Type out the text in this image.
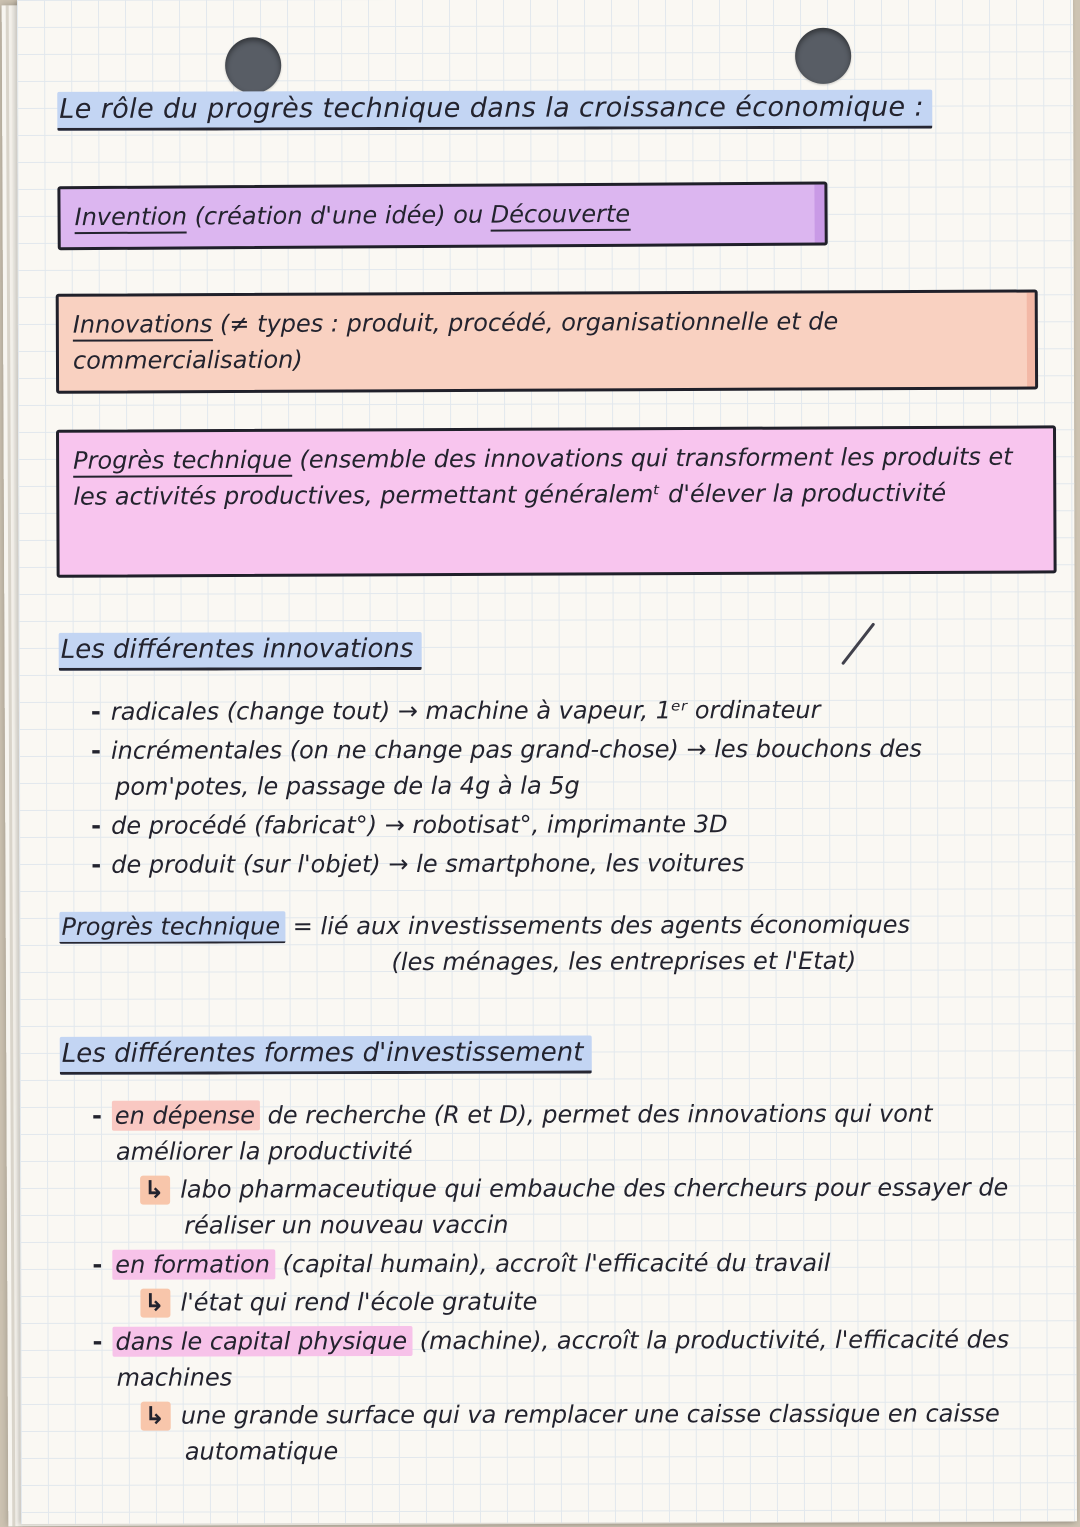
Le rôle du progrès technique dans la croissance économique :
Invention (création d'une idée) ou Découverte
Innovations (≠ types : produit, procédé, organisationnelle et de commercialisation)
Progrès technique (ensemble des innovations qui transforment les produits et les activités productives, permettant généralemᵗ d'élever la productivité
Les différentes innovations
- radicales (change tout) → machine à vapeur, 1ᵉʳ ordinateur
- incrémentales (on ne change pas grand-chose) → les bouchons des pom'potes, le passage de la 4g à la 5g
- de procédé (fabricat°) → robotisat°, imprimante 3D
- de produit (sur l'objet) → le smartphone, les voitures
Progrès technique = lié aux investissements des agents économiques
(les ménages, les entreprises et l'Etat)
Les différentes formes d'investissement
- en dépense de recherche (R et D), permet des innovations qui vont améliorer la productivité
↳ labo pharmaceutique qui embauche des chercheurs pour essayer de réaliser un nouveau vaccin
- en formation (capital humain), accroît l'efficacité du travail
↳ l'état qui rend l'école gratuite
- dans le capital physique (machine), accroît la productivité, l'efficacité des machines
↳ une grande surface qui va remplacer une caisse classique en caisse automatique
